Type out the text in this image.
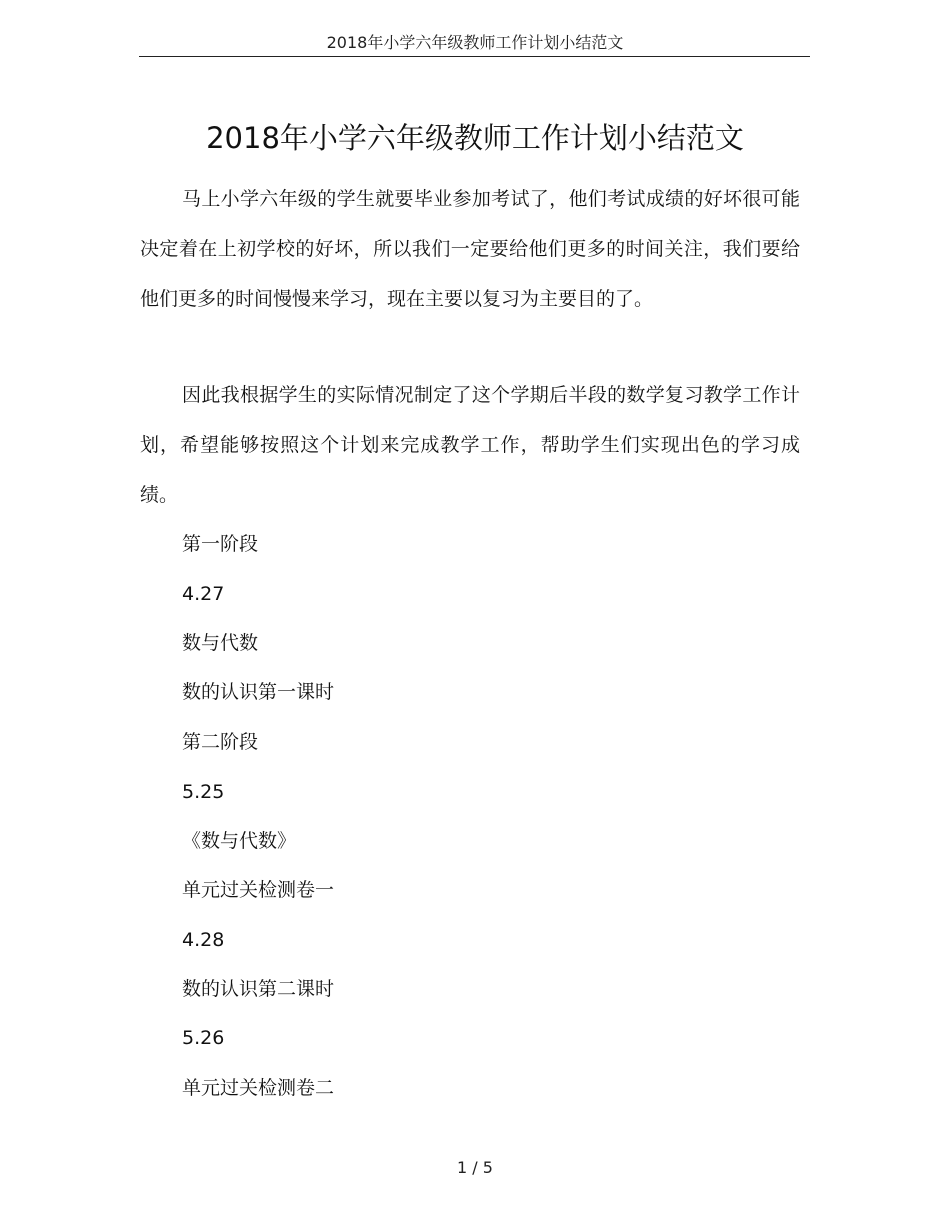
2018年小学六年级教师工作计划小结范文
2018年小学六年级教师工作计划小结范文

马上小学六年级的学生就要毕业参加考试了，他们考试成绩的好坏很可能决定着在上初学校的好坏，所以我们一定要给他们更多的时间关注，我们要给他们更多的时间慢慢来学习，现在主要以复习为主要目的了。

因此我根据学生的实际情况制定了这个学期后半段的数学复习教学工作计划，希望能够按照这个计划来完成教学工作，帮助学生们实现出色的学习成绩。

第一阶段
4.27
数与代数
数的认识第一课时
第二阶段
5.25
《数与代数》
单元过关检测卷一
4.28
数的认识第二课时
5.26
单元过关检测卷二
1 / 5
